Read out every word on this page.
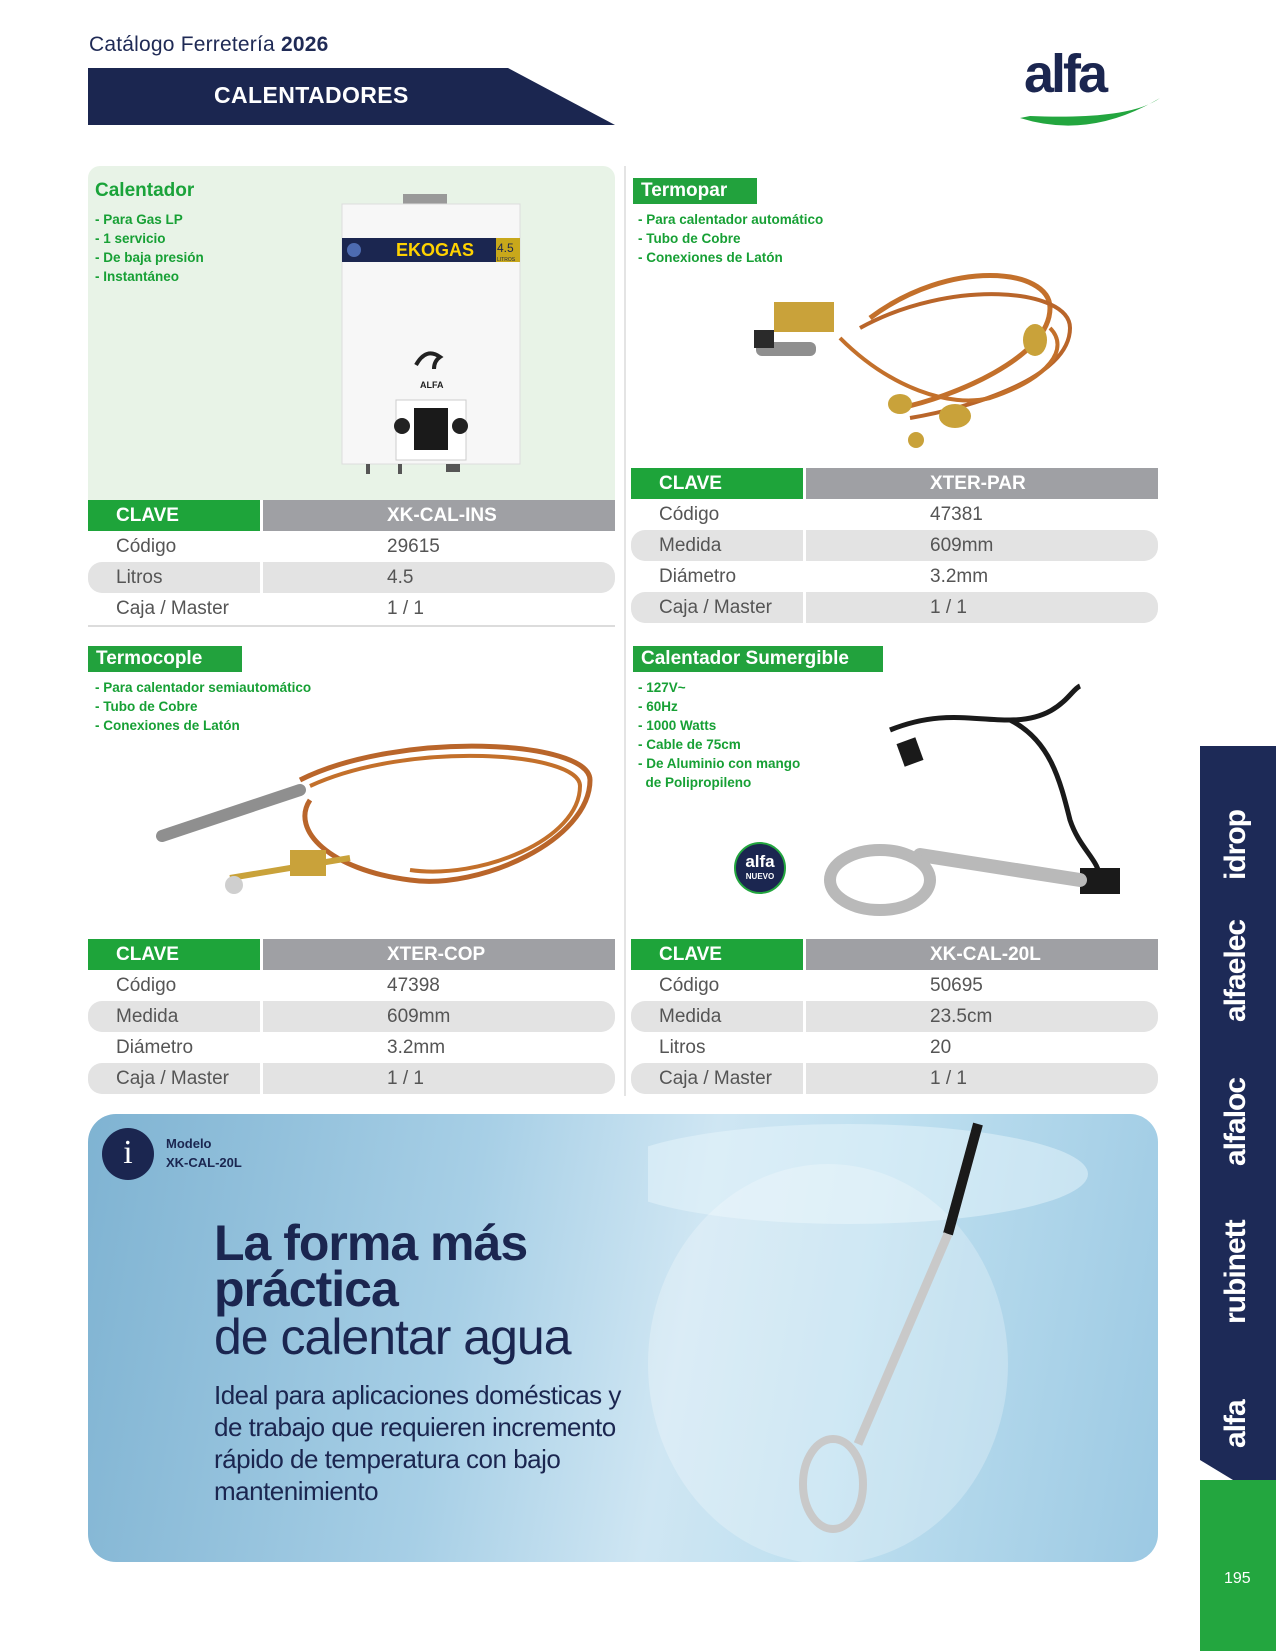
Catálogo Ferretería 2026
CALENTADORES	alfa
Calentador
- Para Gas LP
- 1 servicio
- De baja presión
- Instantáneo
EKOGAS 4.5
LITROS
ALFA
CLAVE	XK-CAL-INS
Código	29615
Litros	4.5
Caja / Master	1 / 1
Termopar
- Para calentador automático
- Tubo de Cobre
- Conexiones de Latón
CLAVE	XTER-PAR
Código	47381
Medida	609mm
Diámetro	3.2mm
Caja / Master	1 / 1
Termocople
- Para calentador semiautomático
- Tubo de Cobre
- Conexiones de Latón
CLAVE	XTER-COP
Código	47398
Medida	609mm
Diámetro	3.2mm
Caja / Master	1 / 1
Calentador Sumergible
- 127V~
- 60Hz
- 1000 Watts
- Cable de 75cm
- De Aluminio con mango
de Polipropileno
alfa
NUEVO
CLAVE	XK-CAL-20L
Código	50695
Medida	23.5cm
Litros	20
Caja / Master	1 / 1
i	Modelo
XK-CAL-20L
La forma más
práctica
de calentar agua
Ideal para aplicaciones domésticas y de trabajo que requieren incremento rápido de temperatura con bajo mantenimiento
idrop
alfaelec
alfaloc
rubinett
alfa
195
